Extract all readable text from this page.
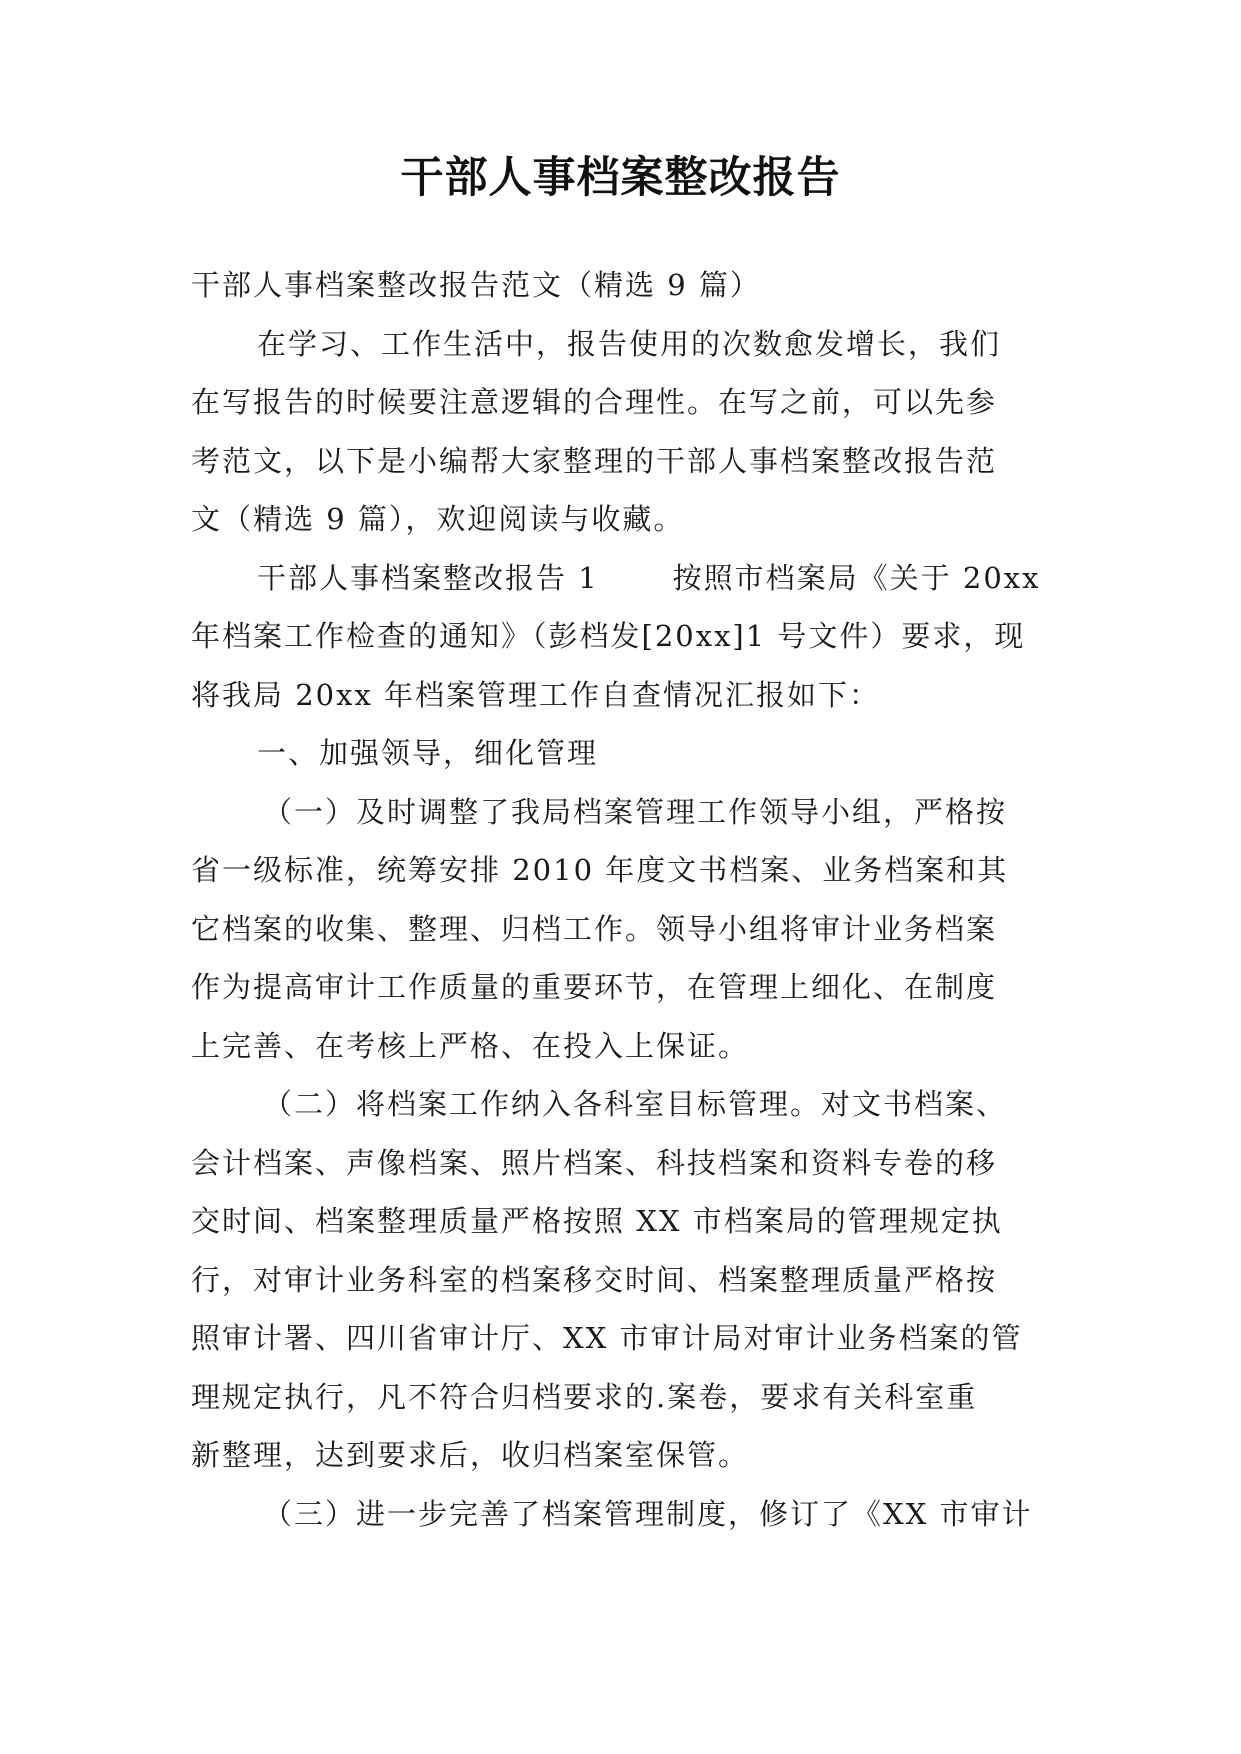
干部人事档案整改报告
干部人事档案整改报告范文（精选 9 篇）
在学习、工作生活中，报告使用的次数愈发增长，我们
在写报告的时候要注意逻辑的合理性。在写之前，可以先参
考范文，以下是小编帮大家整理的干部人事档案整改报告范
文（精选 9 篇），欢迎阅读与收藏。
干部人事档案整改报告 1	按照市档案局《关于 20xx
年档案工作检查的通知》（彭档发[20xx]1 号文件）要求，现
将我局 20xx 年档案管理工作自查情况汇报如下：
一、加强领导，细化管理
（一）及时调整了我局档案管理工作领导小组，严格按
省一级标准，统筹安排 2010 年度文书档案、业务档案和其
它档案的收集、整理、归档工作。领导小组将审计业务档案
作为提高审计工作质量的重要环节，在管理上细化、在制度
上完善、在考核上严格、在投入上保证。
（二）将档案工作纳入各科室目标管理。对文书档案、
会计档案、声像档案、照片档案、科技档案和资料专卷的移
交时间、档案整理质量严格按照 XX 市档案局的管理规定执
行，对审计业务科室的档案移交时间、档案整理质量严格按
照审计署、四川省审计厅、XX 市审计局对审计业务档案的管
理规定执行，凡不符合归档要求的.案卷，要求有关科室重
新整理，达到要求后，收归档案室保管。
（三）进一步完善了档案管理制度，修订了《XX 市审计
